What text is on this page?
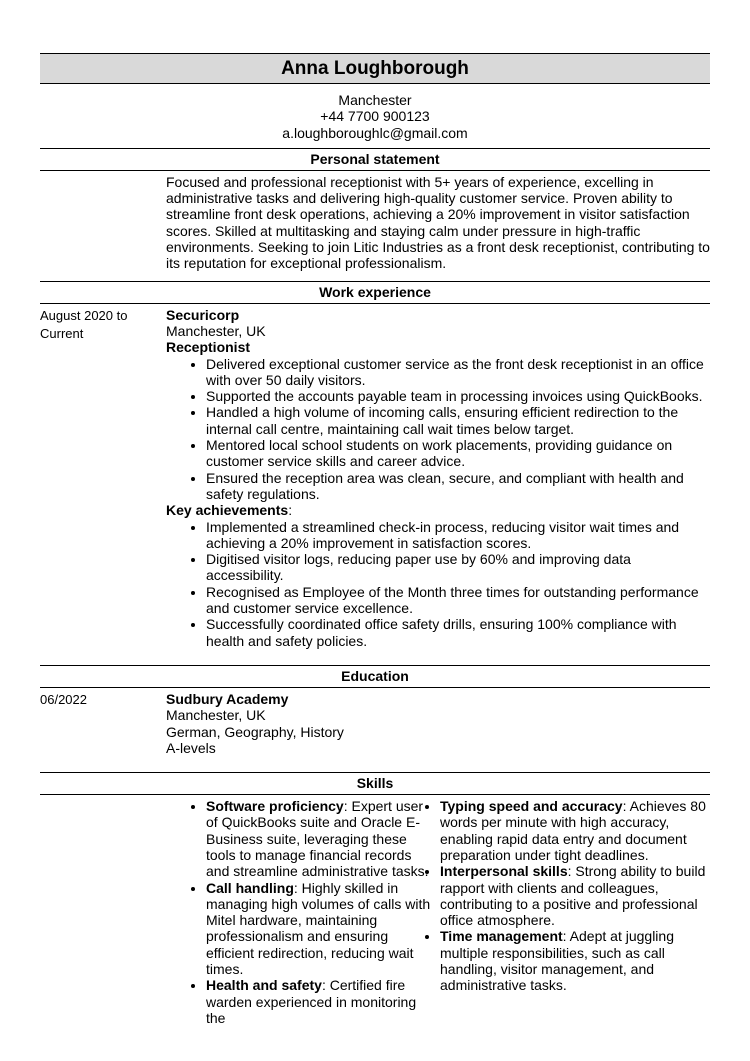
Anna Loughborough
Manchester
+44 7700 900123
a.loughboroughlc@gmail.com
Personal statement
Focused and professional receptionist with 5+ years of experience, excelling in administrative tasks and delivering high-quality customer service. Proven ability to streamline front desk operations, achieving a 20% improvement in visitor satisfaction scores. Skilled at multitasking and staying calm under pressure in high-traffic environments. Seeking to join Litic Industries as a front desk receptionist, contributing to its reputation for exceptional professionalism.
Work experience
August 2020 to
Current
Securicorp
Manchester, UK
Receptionist
• Delivered exceptional customer service as the front desk receptionist in an office with over 50 daily visitors.
• Supported the accounts payable team in processing invoices using QuickBooks.
• Handled a high volume of incoming calls, ensuring efficient redirection to the internal call centre, maintaining call wait times below target.
• Mentored local school students on work placements, providing guidance on customer service skills and career advice.
• Ensured the reception area was clean, secure, and compliant with health and safety regulations.
Key achievements:
• Implemented a streamlined check-in process, reducing visitor wait times and achieving a 20% improvement in satisfaction scores.
• Digitised visitor logs, reducing paper use by 60% and improving data accessibility.
• Recognised as Employee of the Month three times for outstanding performance and customer service excellence.
• Successfully coordinated office safety drills, ensuring 100% compliance with health and safety policies.
Education
06/2022	Sudbury Academy
Manchester, UK
German, Geography, History
A-levels
Skills
• Software proficiency: Expert user of QuickBooks suite and Oracle E-Business suite, leveraging these tools to manage financial records and streamline administrative tasks.
• Call handling: Highly skilled in managing high volumes of calls with Mitel hardware, maintaining professionalism and ensuring efficient redirection, reducing wait times.
• Health and safety: Certified fire warden experienced in monitoring the
• Typing speed and accuracy: Achieves 80 words per minute with high accuracy, enabling rapid data entry and document preparation under tight deadlines.
• Interpersonal skills: Strong ability to build rapport with clients and colleagues, contributing to a positive and professional office atmosphere.
• Time management: Adept at juggling multiple responsibilities, such as call handling, visitor management, and administrative tasks.
